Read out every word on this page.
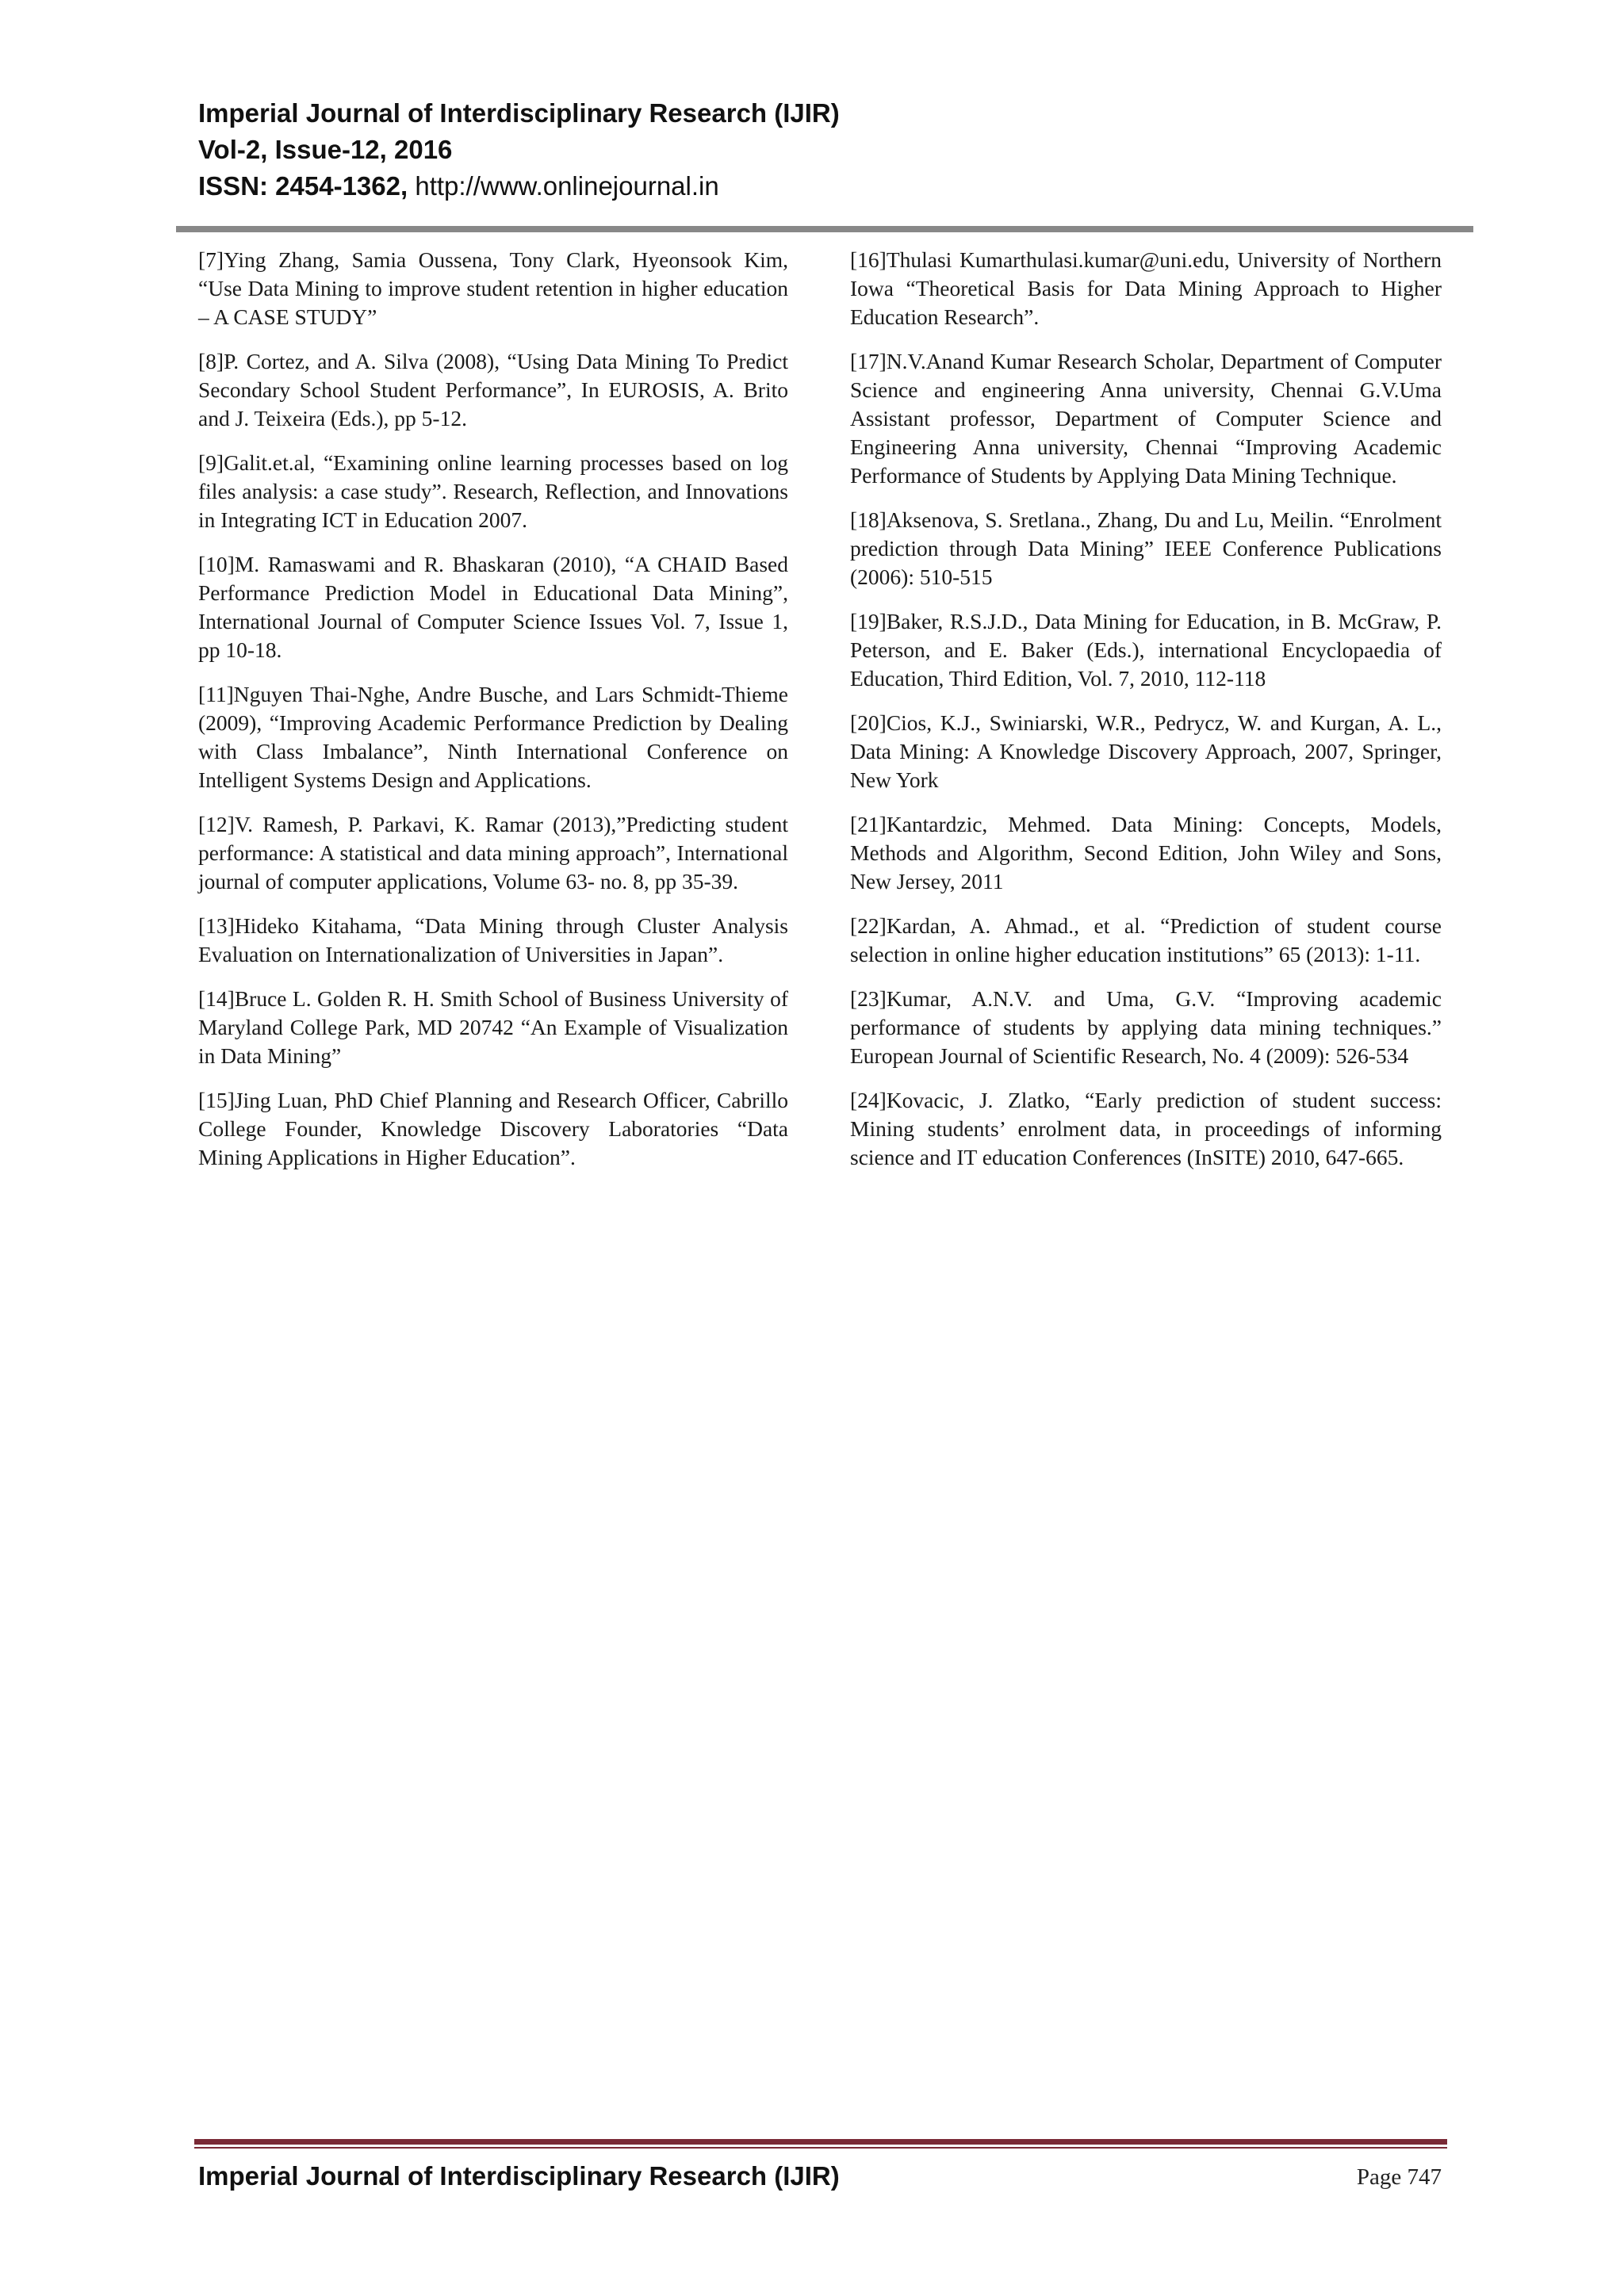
Imperial Journal of Interdisciplinary Research (IJIR)
Vol-2, Issue-12, 2016
ISSN: 2454-1362, http://www.onlinejournal.in

[7]Ying Zhang, Samia Oussena, Tony Clark, Hyeonsook Kim, “Use Data Mining to improve student retention in higher education – A CASE STUDY”

[8]P. Cortez, and A. Silva (2008), “Using Data Mining To Predict Secondary School Student Performance”, In EUROSIS, A. Brito and J. Teixeira (Eds.), pp 5-12.

[9]Galit.et.al, “Examining online learning processes based on log files analysis: a case study”. Research, Reflection, and Innovations in Integrating ICT in Education 2007.

[10]M. Ramaswami and R. Bhaskaran (2010), “A CHAID Based Performance Prediction Model in Educational Data Mining”, International Journal of Computer Science Issues Vol. 7, Issue 1, pp 10-18.

[11]Nguyen Thai-Nghe, Andre Busche, and Lars Schmidt-Thieme (2009), “Improving Academic Performance Prediction by Dealing with Class Imbalance”, Ninth International Conference on Intelligent Systems Design and Applications.

[12]V. Ramesh, P. Parkavi, K. Ramar (2013),”Predicting student performance: A statistical and data mining approach”, International journal of computer applications, Volume 63- no. 8, pp 35-39.

[13]Hideko Kitahama, “Data Mining through Cluster Analysis Evaluation on Internationalization of Universities in Japan”.

[14]Bruce L. Golden R. H. Smith School of Business University of Maryland College Park, MD 20742 “An Example of Visualization in Data Mining”

[15]Jing Luan, PhD Chief Planning and Research Officer, Cabrillo College Founder, Knowledge Discovery Laboratories “Data Mining Applications in Higher Education”.

[16]Thulasi Kumarthulasi.kumar@uni.edu, University of Northern Iowa “Theoretical Basis for Data Mining Approach to Higher Education Research”.

[17]N.V.Anand Kumar Research Scholar, Department of Computer Science and engineering Anna university, Chennai G.V.Uma Assistant professor, Department of Computer Science and Engineering Anna university, Chennai “Improving Academic Performance of Students by Applying Data Mining Technique.

[18]Aksenova, S. Sretlana., Zhang, Du and Lu, Meilin. “Enrolment prediction through Data Mining” IEEE Conference Publications (2006): 510-515

[19]Baker, R.S.J.D., Data Mining for Education, in B. McGraw, P. Peterson, and E. Baker (Eds.), international Encyclopaedia of Education, Third Edition, Vol. 7, 2010, 112-118

[20]Cios, K.J., Swiniarski, W.R., Pedrycz, W. and Kurgan, A. L., Data Mining: A Knowledge Discovery Approach, 2007, Springer, New York

[21]Kantardzic, Mehmed. Data Mining: Concepts, Models, Methods and Algorithm, Second Edition, John Wiley and Sons, New Jersey, 2011

[22]Kardan, A. Ahmad., et al. “Prediction of student course selection in online higher education institutions” 65 (2013): 1-11.

[23]Kumar, A.N.V. and Uma, G.V. “Improving academic performance of students by applying data mining techniques.” European Journal of Scientific Research, No. 4 (2009): 526-534

[24]Kovacic, J. Zlatko, “Early prediction of student success: Mining students’ enrolment data, in proceedings of informing science and IT education Conferences (InSITE) 2010, 647-665.

Imperial Journal of Interdisciplinary Research (IJIR)	Page 747
